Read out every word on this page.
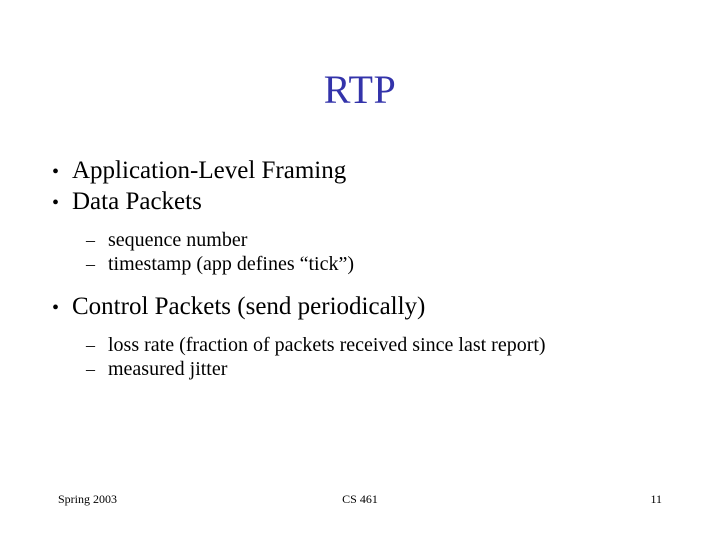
RTP
• Application-Level Framing
• Data Packets
– sequence number
– timestamp (app defines “tick”)
• Control Packets (send periodically)
– loss rate (fraction of packets received since last report)
– measured jitter
Spring 2003	CS 461	11
